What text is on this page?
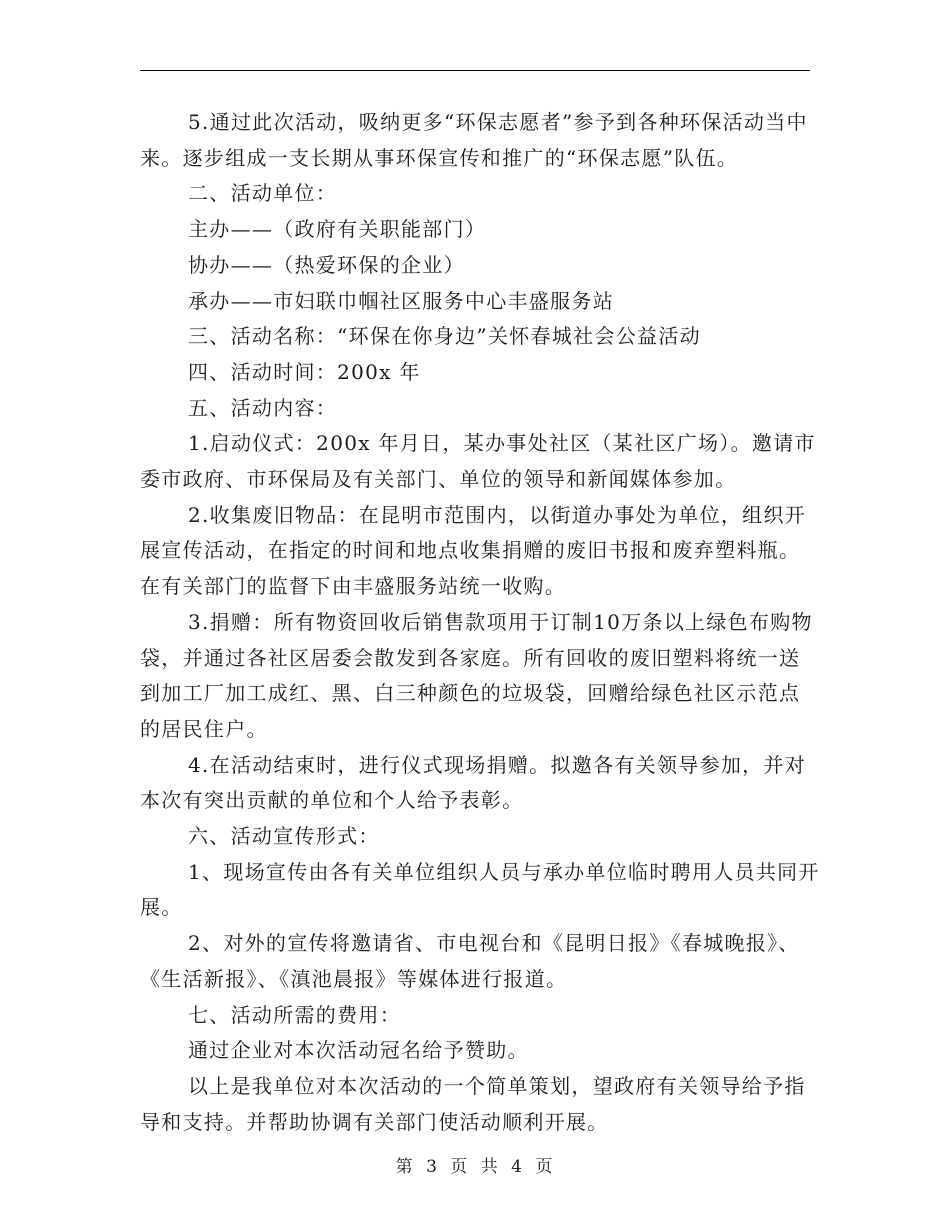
5.通过此次活动，吸纳更多“环保志愿者”参予到各种环保活动当中来。逐步组成一支长期从事环保宣传和推广的“环保志愿”队伍。

二、活动单位：

主办——（政府有关职能部门）

协办——（热爱环保的企业）

承办——市妇联巾帼社区服务中心丰盛服务站

三、活动名称：“环保在你身边”关怀春城社会公益活动

四、活动时间：200x 年

五、活动内容：

1.启动仪式：200x 年月日，某办事处社区（某社区广场）。邀请市委市政府、市环保局及有关部门、单位的领导和新闻媒体参加。

2.收集废旧物品：在昆明市范围内，以街道办事处为单位，组织开展宣传活动，在指定的时间和地点收集捐赠的废旧书报和废弃塑料瓶。在有关部门的监督下由丰盛服务站统一收购。

3.捐赠：所有物资回收后销售款项用于订制10万条以上绿色布购物袋，并通过各社区居委会散发到各家庭。所有回收的废旧塑料将统一送到加工厂加工成红、黑、白三种颜色的垃圾袋，回赠给绿色社区示范点的居民住户。

4.在活动结束时，进行仪式现场捐赠。拟邀各有关领导参加，并对本次有突出贡献的单位和个人给予表彰。

六、活动宣传形式：

1、现场宣传由各有关单位组织人员与承办单位临时聘用人员共同开展。

2、对外的宣传将邀请省、市电视台和《昆明日报》《春城晚报》、《生活新报》、《滇池晨报》等媒体进行报道。

七、活动所需的费用：

通过企业对本次活动冠名给予赞助。

以上是我单位对本次活动的一个简单策划，望政府有关领导给予指导和支持。并帮助协调有关部门使活动顺利开展。

第 3 页 共 4 页
